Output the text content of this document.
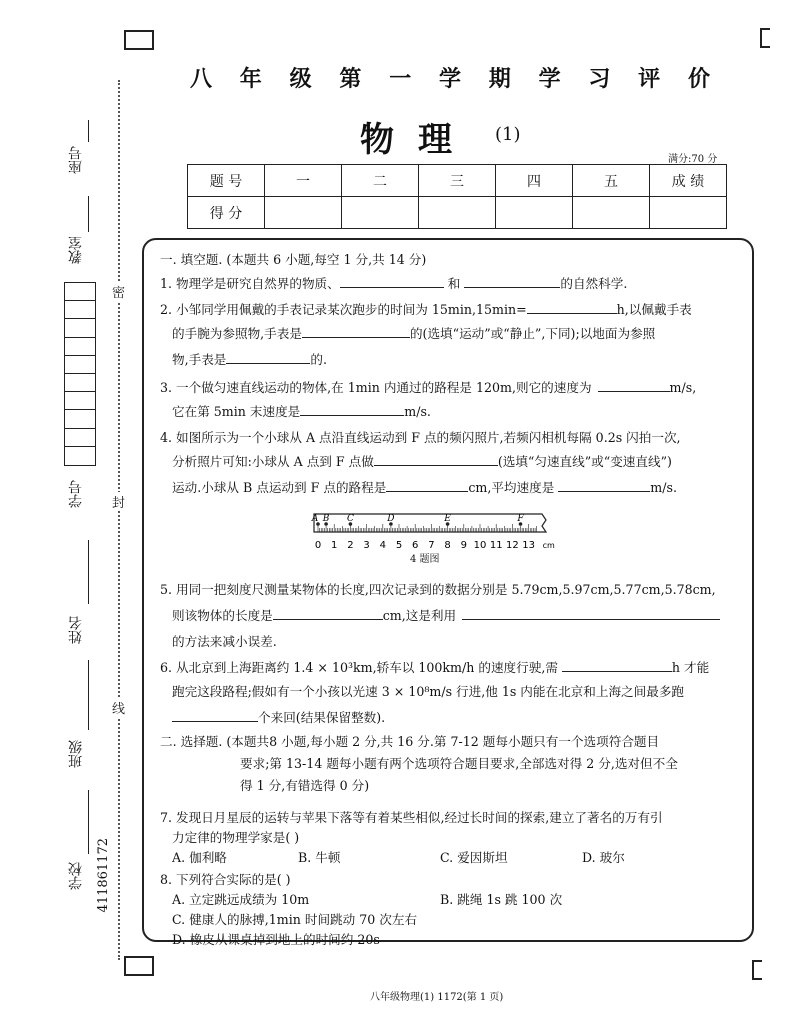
密
封
线
座号
教室
学号
姓名
班级
学校 411861172
八 年 级 第 一 学 期 学 习 评 价
物理 (1)
满分:70 分
题 号	一	二	三	四	五	成 绩
得 分						
一. 填空题. (本题共 6 小题,每空 1 分,共 14 分)
1. 物理学是研究自然界的物质、	和	的自然科学.
2. 小邹同学用佩戴的手表记录某次跑步的时间为 15min,15min=	h,以佩戴手表
的手腕为参照物,手表是	的(选填“运动”或“静止”,下同);以地面为参照
物,手表是	的.
3. 一个做匀速直线运动的物体,在 1min 内通过的路程是 120m,则它的速度为	m/s,
它在第 5min 末速度是	m/s.
4. 如图所示为一个小球从 A 点沿直线运动到 F 点的频闪照片,若频闪相机每隔 0.2s 闪拍一次,
分析照片可知:小球从 A 点到 F 点做	(选填“匀速直线”或“变速直线”)
运动.小球从 B 点运动到 F 点的路程是	cm,平均速度是	m/s.
A B C	D	E	F
0 1 2 3 4 5 6 7 8 9 10 11 12 13 cm
4 题图
5. 用同一把刻度尺测量某物体的长度,四次记录到的数据分别是 5.79cm,5.97cm,5.77cm,5.78cm,
则该物体的长度是	cm,这是利用
的方法来减小误差.
6. 从北京到上海距离约 1.4 × 10³km,轿车以 100km/h 的速度行驶,需	h 才能
跑完这段路程;假如有一个小孩以光速 3 × 10⁸m/s 行进,他 1s 内能在北京和上海之间最多跑
个来回(结果保留整数).
二. 选择题. (本题共8 小题,每小题 2 分,共 16 分.第 7-12 题每小题只有一个选项符合题目
要求;第 13-14 题每小题有两个选项符合题目要求,全部选对得 2 分,选对但不全
得 1 分,有错选得 0 分)
7. 发现日月星辰的运转与苹果下落等有着某些相似,经过长时间的探索,建立了著名的万有引
力定律的物理学家是( )
A. 伽利略	B. 牛顿	C. 爱因斯坦	D. 玻尔
8. 下列符合实际的是( )
A. 立定跳远成绩为 10m	B. 跳绳 1s 跳 100 次
C. 健康人的脉搏,1min 时间跳动 70 次左右
D. 橡皮从课桌掉到地上的时间约 20s
八年级物理(1) 1172(第 1 页)
